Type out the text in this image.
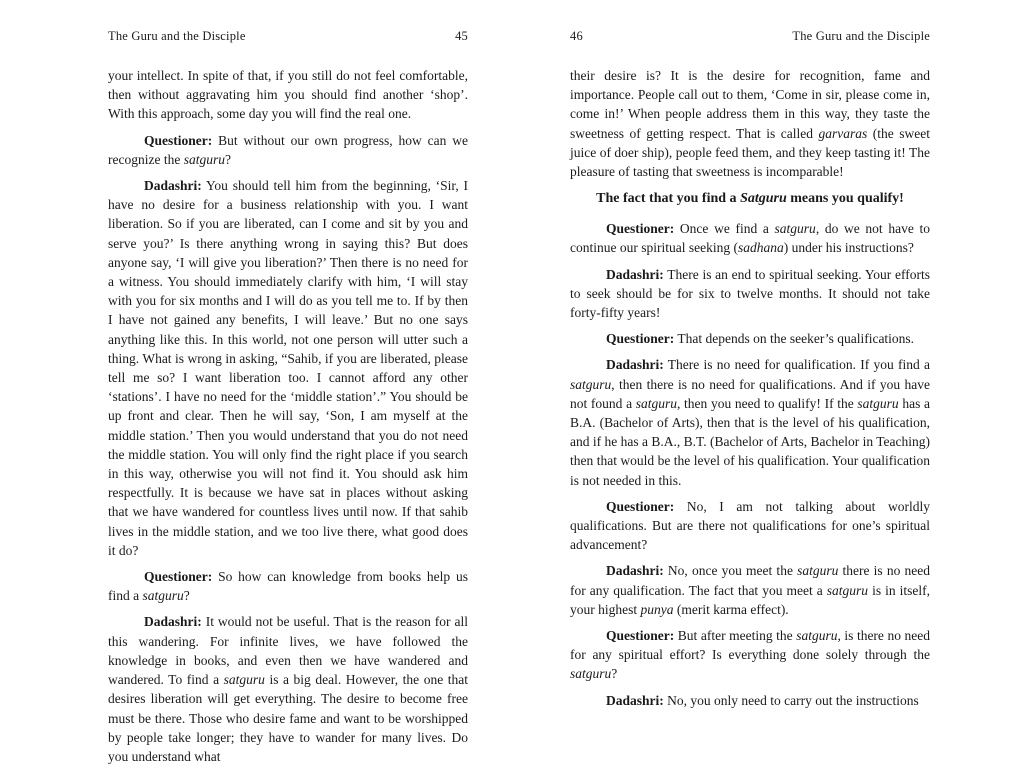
The Guru and the Disciple	45

your intellect. In spite of that, if you still do not feel comfortable, then without aggravating him you should find another ‘shop’. With this approach, some day you will find the real one.

Questioner: But without our own progress, how can we recognize the satguru?

Dadashri: You should tell him from the beginning, ‘Sir, I have no desire for a business relationship with you. I want liberation. So if you are liberated, can I come and sit by you and serve you?’ Is there anything wrong in saying this? But does anyone say, ‘I will give you liberation?’ Then there is no need for a witness. You should immediately clarify with him, ‘I will stay with you for six months and I will do as you tell me to. If by then I have not gained any benefits, I will leave.’ But no one says anything like this. In this world, not one person will utter such a thing. What is wrong in asking, “Sahib, if you are liberated, please tell me so? I want liberation too. I cannot afford any other ‘stations’. I have no need for the ‘middle station’.” You should be up front and clear. Then he will say, ‘Son, I am myself at the middle station.’ Then you would understand that you do not need the middle station. You will only find the right place if you search in this way, otherwise you will not find it. You should ask him respectfully. It is because we have sat in places without asking that we have wandered for countless lives until now. If that sahib lives in the middle station, and we too live there, what good does it do?

Questioner: So how can knowledge from books help us find a satguru?

Dadashri: It would not be useful. That is the reason for all this wandering. For infinite lives, we have followed the knowledge in books, and even then we have wandered and wandered. To find a satguru is a big deal. However, the one that desires liberation will get everything. The desire to become free must be there. Those who desire fame and want to be worshipped by people take longer; they have to wander for many lives. Do you understand what

46	The Guru and the Disciple

their desire is? It is the desire for recognition, fame and importance. People call out to them, ‘Come in sir, please come in, come in!’ When people address them in this way, they taste the sweetness of getting respect. That is called garvaras (the sweet juice of doer ship), people feed them, and they keep tasting it! The pleasure of tasting that sweetness is incomparable!

The fact that you find a Satguru means you qualify!

Questioner: Once we find a satguru, do we not have to continue our spiritual seeking (sadhana) under his instructions?

Dadashri: There is an end to spiritual seeking. Your efforts to seek should be for six to twelve months. It should not take forty-fifty years!

Questioner: That depends on the seeker’s qualifications.

Dadashri: There is no need for qualification. If you find a satguru, then there is no need for qualifications. And if you have not found a satguru, then you need to qualify! If the satguru has a B.A. (Bachelor of Arts), then that is the level of his qualification, and if he has a B.A., B.T. (Bachelor of Arts, Bachelor in Teaching) then that would be the level of his qualification. Your qualification is not needed in this.

Questioner: No, I am not talking about worldly qualifications. But are there not qualifications for one’s spiritual advancement?

Dadashri: No, once you meet the satguru there is no need for any qualification. The fact that you meet a satguru is in itself, your highest punya (merit karma effect).

Questioner: But after meeting the satguru, is there no need for any spiritual effort? Is everything done solely through the satguru?

Dadashri: No, you only need to carry out the instructions
